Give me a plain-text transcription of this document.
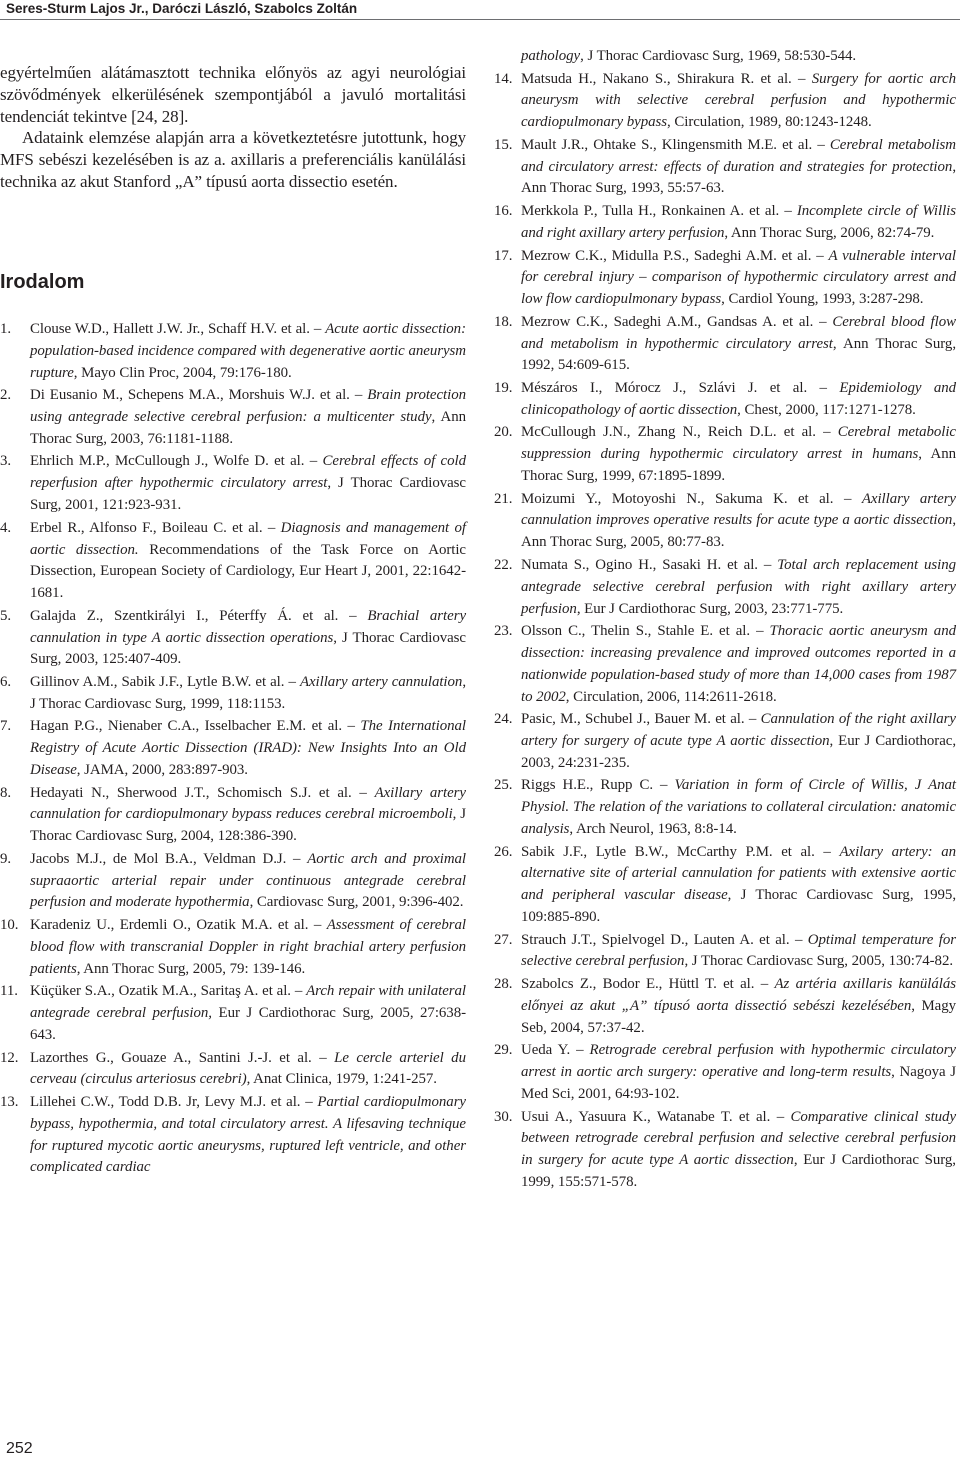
Seres-Sturm Lajos Jr., Daróczi László, Szabolcs Zoltán

egyértelműen alátámasztott technika előnyös az agyi neurológiai szövődmények elkerülésének szempontjából a javuló mortalitási tendenciát tekintve [24, 28].

Adataink elemzése alapján arra a következtetésre jutottunk, hogy MFS sebészi kezelésében is az a. axillaris a preferenciális kanülálási technika az akut Stanford „A” típusú aorta dissectio esetén.

Irodalom

1. Clouse W.D., Hallett J.W. Jr., Schaff H.V. et al. – Acute aortic dissection: population-based incidence compared with degenerative aortic aneurysm rupture, Mayo Clin Proc, 2004, 79:176-180.

2. Di Eusanio M., Schepens M.A., Morshuis W.J. et al. – Brain protection using antegrade selective cerebral perfusion: a multicenter study, Ann Thorac Surg, 2003, 76:1181-1188.

3. Ehrlich M.P., McCullough J., Wolfe D. et al. – Cerebral effects of cold reperfusion after hypothermic circulatory arrest, J Thorac Cardiovasc Surg, 2001, 121:923-931.

4. Erbel R., Alfonso F., Boileau C. et al. – Diagnosis and management of aortic dissection. Recommendations of the Task Force on Aortic Dissection, European Society of Cardiology, Eur Heart J, 2001, 22:1642-1681.

5. Galajda Z., Szentkirályi I., Péterffy Á. et al. – Brachial artery cannulation in type A aortic dissection operations, J Thorac Cardiovasc Surg, 2003, 125:407-409.

6. Gillinov A.M., Sabik J.F., Lytle B.W. et al. – Axillary artery cannulation, J Thorac Cardiovasc Surg, 1999, 118:1153.

7. Hagan P.G., Nienaber C.A., Isselbacher E.M. et al. – The International Registry of Acute Aortic Dissection (IRAD): New Insights Into an Old Disease, JAMA, 2000, 283:897-903.

8. Hedayati N., Sherwood J.T., Schomisch S.J. et al. – Axillary artery cannulation for cardiopulmonary bypass reduces cerebral microemboli, J Thorac Cardiovasc Surg, 2004, 128:386-390.

9. Jacobs M.J., de Mol B.A., Veldman D.J. – Aortic arch and proximal supraaortic arterial repair under continuous antegrade cerebral perfusion and moderate hypothermia, Cardiovasc Surg, 2001, 9:396-402.

10. Karadeniz U., Erdemli O., Ozatik M.A. et al. – Assessment of cerebral blood flow with transcranial Doppler in right brachial artery perfusion patients, Ann Thorac Surg, 2005, 79: 139-146.

11. Küçüker S.A., Ozatik M.A., Saritaş A. et al. – Arch repair with unilateral antegrade cerebral perfusion, Eur J Cardiothorac Surg, 2005, 27:638-643.

12. Lazorthes G., Gouaze A., Santini J.-J. et al. – Le cercle arteriel du cerveau (circulus arteriosus cerebri), Anat Clinica, 1979, 1:241-257.

13. Lillehei C.W., Todd D.B. Jr, Levy M.J. et al. – Partial cardiopulmonary bypass, hypothermia, and total circulatory arrest. A lifesaving technique for ruptured mycotic aortic aneurysms, ruptured left ventricle, and other complicated cardiac

pathology, J Thorac Cardiovasc Surg, 1969, 58:530-544.

14. Matsuda H., Nakano S., Shirakura R. et al. – Surgery for aortic arch aneurysm with selective cerebral perfusion and hypothermic cardiopulmonary bypass, Circulation, 1989, 80:1243-1248.

15. Mault J.R., Ohtake S., Klingensmith M.E. et al. – Cerebral metabolism and circulatory arrest: effects of duration and strategies for protection, Ann Thorac Surg, 1993, 55:57-63.

16. Merkkola P., Tulla H., Ronkainen A. et al. – Incomplete circle of Willis and right axillary artery perfusion, Ann Thorac Surg, 2006, 82:74-79.

17. Mezrow C.K., Midulla P.S., Sadeghi A.M. et al. – A vulnerable interval for cerebral injury – comparison of hypothermic circulatory arrest and low flow cardiopulmonary bypass, Cardiol Young, 1993, 3:287-298.

18. Mezrow C.K., Sadeghi A.M., Gandsas A. et al. – Cerebral blood flow and metabolism in hypothermic circulatory arrest, Ann Thorac Surg, 1992, 54:609-615.

19. Mészáros I., Mórocz J., Szlávi J. et al. – Epidemiology and clinicopathology of aortic dissection, Chest, 2000, 117:1271-1278.

20. McCullough J.N., Zhang N., Reich D.L. et al. – Cerebral metabolic suppression during hypothermic circulatory arrest in humans, Ann Thorac Surg, 1999, 67:1895-1899.

21. Moizumi Y., Motoyoshi N., Sakuma K. et al. – Axillary artery cannulation improves operative results for acute type a aortic dissection, Ann Thorac Surg, 2005, 80:77-83.

22. Numata S., Ogino H., Sasaki H. et al. – Total arch replacement using antegrade selective cerebral perfusion with right axillary artery perfusion, Eur J Cardiothorac Surg, 2003, 23:771-775.

23. Olsson C., Thelin S., Stahle E. et al. – Thoracic aortic aneurysm and dissection: increasing prevalence and improved outcomes reported in a nationwide population-based study of more than 14,000 cases from 1987 to 2002, Circulation, 2006, 114:2611-2618.

24. Pasic, M., Schubel J., Bauer M. et al. – Cannulation of the right axillary artery for surgery of acute type A aortic dissection, Eur J Cardiothorac, 2003, 24:231-235.

25. Riggs H.E., Rupp C. – Variation in form of Circle of Willis, J Anat Physiol. The relation of the variations to collateral circulation: anatomic analysis, Arch Neurol, 1963, 8:8-14.

26. Sabik J.F., Lytle B.W., McCarthy P.M. et al. – Axilary artery: an alternative site of arterial cannulation for patients with extensive aortic and peripheral vascular disease, J Thorac Cardiovasc Surg, 1995, 109:885-890.

27. Strauch J.T., Spielvogel D., Lauten A. et al. – Optimal temperature for selective cerebral perfusion, J Thorac Cardiovasc Surg, 2005, 130:74-82.

28. Szabolcs Z., Bodor E., Hüttl T. et al. – Az artéria axillaris kanülálás előnyei az akut „A” típusó aorta dissectió sebészi kezelésében, Magy Seb, 2004, 57:37-42.

29. Ueda Y. – Retrograde cerebral perfusion with hypothermic circulatory arrest in aortic arch surgery: operative and long-term results, Nagoya J Med Sci, 2001, 64:93-102.

30. Usui A., Yasuura K., Watanabe T. et al. – Comparative clinical study between retrograde cerebral perfusion and selective cerebral perfusion in surgery for acute type A aortic dissection, Eur J Cardiothorac Surg, 1999, 155:571-578.

252
